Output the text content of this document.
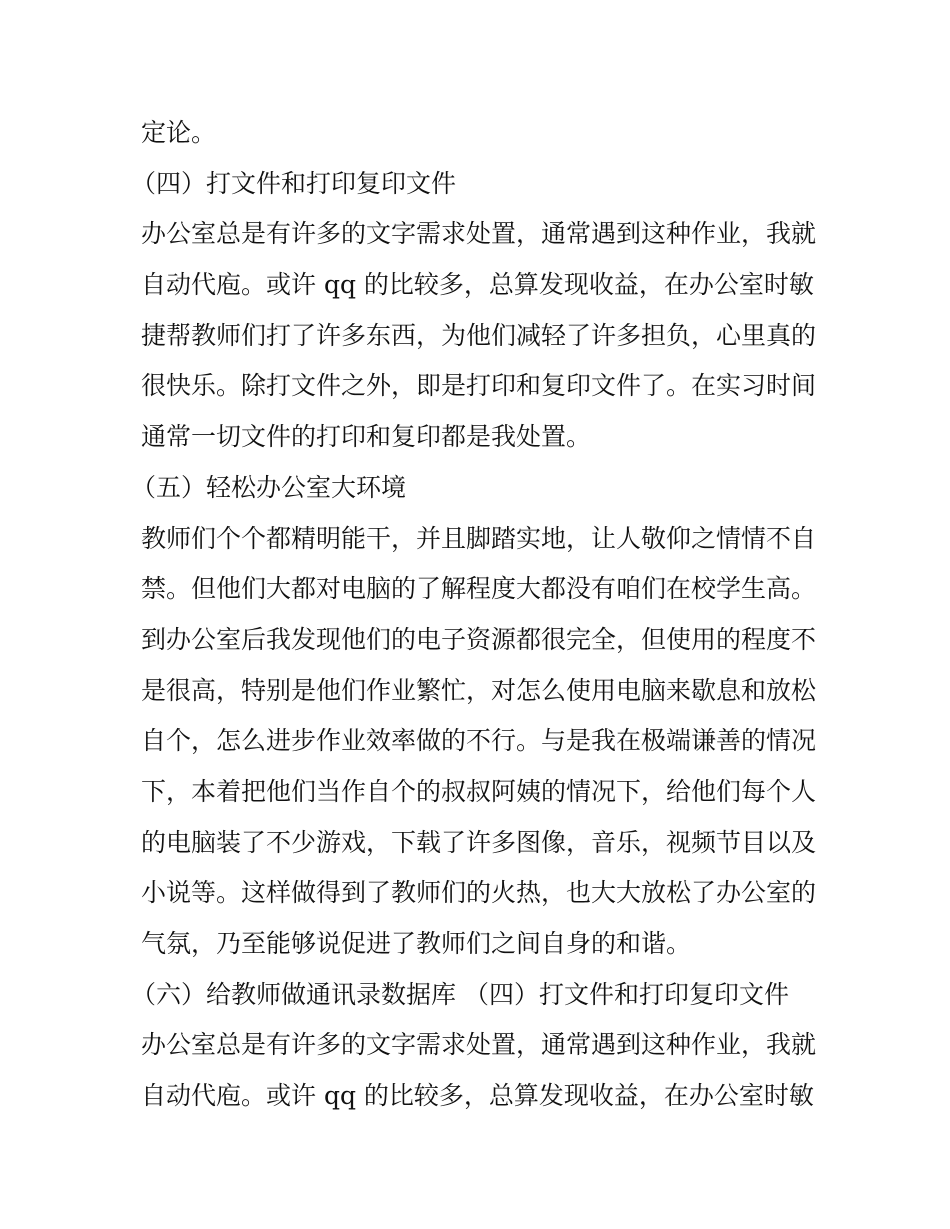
定论。
（四）打文件和打印复印文件
办公室总是有许多的文字需求处置，通常遇到这种作业，我就
自动代庖。或许 qq 的比较多，总算发现收益，在办公室时敏
捷帮教师们打了许多东西，为他们减轻了许多担负，心里真的
很快乐。除打文件之外，即是打印和复印文件了。在实习时间
通常一切文件的打印和复印都是我处置。
（五）轻松办公室大环境
教师们个个都精明能干，并且脚踏实地，让人敬仰之情情不自
禁。但他们大都对电脑的了解程度大都没有咱们在校学生高。
到办公室后我发现他们的电子资源都很完全，但使用的程度不
是很高，特别是他们作业繁忙，对怎么使用电脑来歇息和放松
自个，怎么进步作业效率做的不行。与是我在极端谦善的情况
下，本着把他们当作自个的叔叔阿姨的情况下，给他们每个人
的电脑装了不少游戏，下载了许多图像，音乐，视频节目以及
小说等。这样做得到了教师们的火热，也大大放松了办公室的
气氛，乃至能够说促进了教师们之间自身的和谐。
（六）给教师做通讯录数据库 （四）打文件和打印复印文件
办公室总是有许多的文字需求处置，通常遇到这种作业，我就
自动代庖。或许 qq 的比较多，总算发现收益，在办公室时敏
